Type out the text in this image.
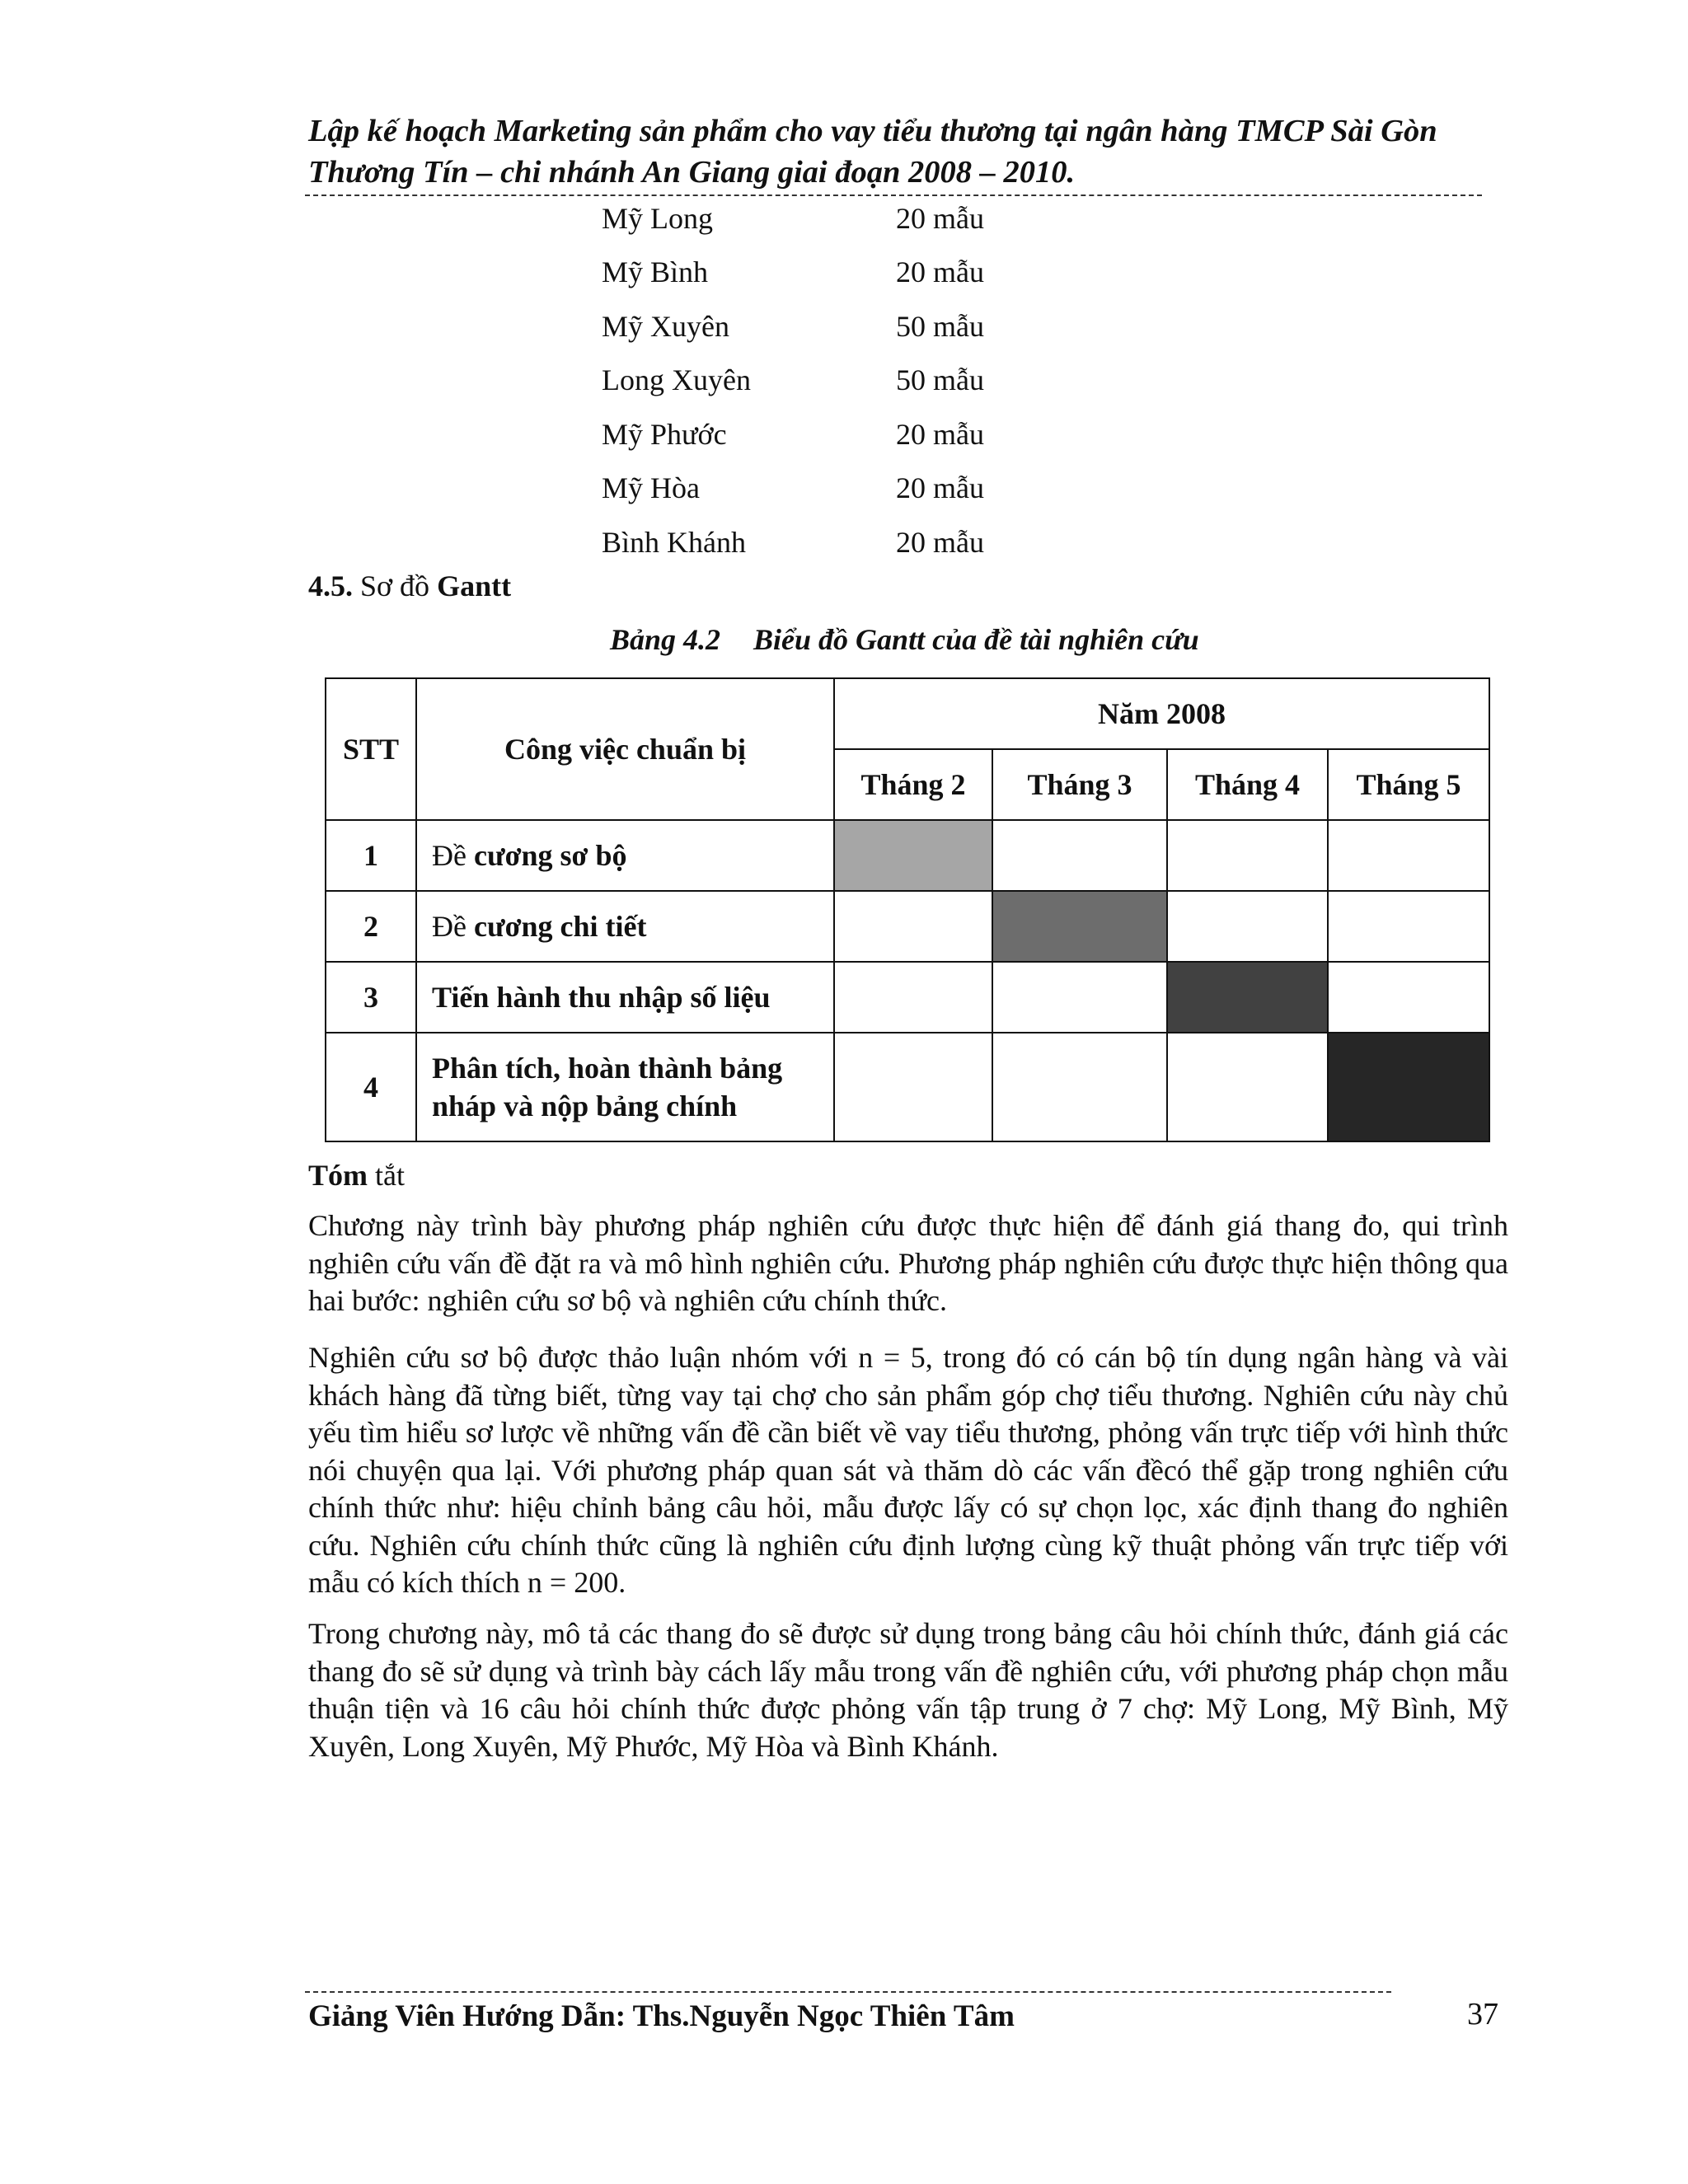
Lập kế hoạch Marketing sản phẩm cho vay tiểu thương tại ngân hàng TMCP Sài Gòn
Thương Tín – chi nhánh An Giang giai đoạn 2008 – 2010.
Mỹ Long	20 mẫu
Mỹ Bình	20 mẫu
Mỹ Xuyên	50 mẫu
Long Xuyên	50 mẫu
Mỹ Phước	20 mẫu
Mỹ Hòa	20 mẫu
Bình Khánh	20 mẫu
4.5. Sơ đồ Gantt
Bảng 4.2 Biểu đồ Gantt của đề tài nghiên cứu
STT	Công việc chuẩn bị	Năm 2008			
		Tháng 2	Tháng 3	Tháng 4	Tháng 5
1	Đề cương sơ bộ				
2	Đề cương chi tiết				
3	Tiến hành thu nhập số liệu				
4	Phân tích, hoàn thành bảng nháp và nộp bảng chính				
Tóm tắt
Chương này trình bày phương pháp nghiên cứu được thực hiện để đánh giá thang đo, qui trình nghiên cứu vấn đề đặt ra và mô hình nghiên cứu. Phương pháp nghiên cứu được thực hiện thông qua hai bước: nghiên cứu sơ bộ và nghiên cứu chính thức.
Nghiên cứu sơ bộ được thảo luận nhóm với n = 5, trong đó có cán bộ tín dụng ngân hàng và vài khách hàng đã từng biết, từng vay tại chợ cho sản phẩm góp chợ tiểu thương. Nghiên cứu này chủ yếu tìm hiểu sơ lược về những vấn đề cần biết về vay tiểu thương, phỏng vấn trực tiếp với hình thức nói chuyện qua lại. Với phương pháp quan sát và thăm dò các vấn đềcó thể gặp trong nghiên cứu chính thức như: hiệu chỉnh bảng câu hỏi, mẫu được lấy có sự chọn lọc, xác định thang đo nghiên cứu. Nghiên cứu chính thức cũng là nghiên cứu định lượng cùng kỹ thuật phỏng vấn trực tiếp với mẫu có kích thích n = 200.
Trong chương này, mô tả các thang đo sẽ được sử dụng trong bảng câu hỏi chính thức, đánh giá các thang đo sẽ sử dụng và trình bày cách lấy mẫu trong vấn đề nghiên cứu, với phương pháp chọn mẫu thuận tiện và 16 câu hỏi chính thức được phỏng vấn tập trung ở 7 chợ: Mỹ Long, Mỹ Bình, Mỹ Xuyên, Long Xuyên, Mỹ Phước, Mỹ Hòa và Bình Khánh.
Giảng Viên Hướng Dẫn: Ths.Nguyễn Ngọc Thiên Tâm	37
